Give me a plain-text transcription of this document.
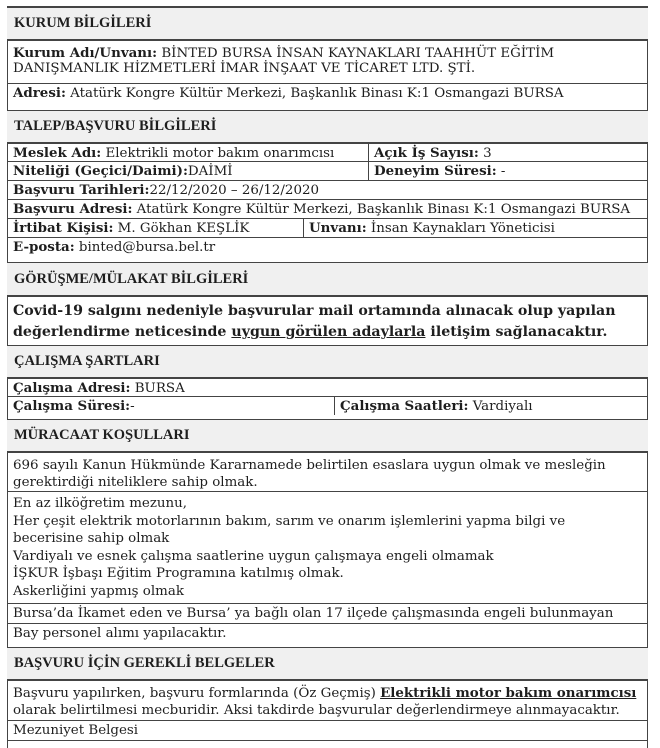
KURUM BİLGİLERİ
Kurum Adı/Unvanı: BİNTED BURSA İNSAN KAYNAKLARI TAAHHÜT EĞİTİM
DANIŞMANLIK HİZMETLERİ İMAR İNŞAAT VE TİCARET LTD. ŞTİ.
Adresi: Atatürk Kongre Kültür Merkezi, Başkanlık Binası K:1 Osmangazi BURSA
TALEP/BAŞVURU BİLGİLERİ
Meslek Adı: Elektrikli motor bakım onarımcısı	Açık İş Sayısı: 3
Niteliği (Geçici/Daimi):DAİMİ	Deneyim Süresi: -
Başvuru Tarihleri:22/12/2020 – 26/12/2020
Başvuru Adresi: Atatürk Kongre Kültür Merkezi, Başkanlık Binası K:1 Osmangazi BURSA
İrtibat Kişisi: M. Gökhan KEŞLİK	Unvanı: İnsan Kaynakları Yöneticisi
E-posta: binted@bursa.bel.tr
GÖRÜŞME/MÜLAKAT BİLGİLERİ
Covid-19 salgını nedeniyle başvurular mail ortamında alınacak olup yapılan
değerlendirme neticesinde uygun görülen adaylarla iletişim sağlanacaktır.
ÇALIŞMA ŞARTLARI
Çalışma Adresi: BURSA
Çalışma Süresi:-	Çalışma Saatleri: Vardiyalı
MÜRACAAT KOŞULLARI
696 sayılı Kanun Hükmünde Kararnamede belirtilen esaslara uygun olmak ve mesleğin
gerektirdiği niteliklere sahip olmak.
En az ilköğretim mezunu,
Her çeşit elektrik motorlarının bakım, sarım ve onarım işlemlerini yapma bilgi ve
becerisine sahip olmak
Vardiyalı ve esnek çalışma saatlerine uygun çalışmaya engeli olmamak
İŞKUR İşbaşı Eğitim Programına katılmış olmak.
Askerliğini yapmış olmak
Bursa’da İkamet eden ve Bursa’ ya bağlı olan 17 ilçede çalışmasında engeli bulunmayan
Bay personel alımı yapılacaktır.
BAŞVURU İÇİN GEREKLİ BELGELER
Başvuru yapılırken, başvuru formlarında (Öz Geçmiş) Elektrikli motor bakım onarımcısı
olarak belirtilmesi mecburidir. Aksi takdirde başvurular değerlendirmeye alınmayacaktır.
Mezuniyet Belgesi
